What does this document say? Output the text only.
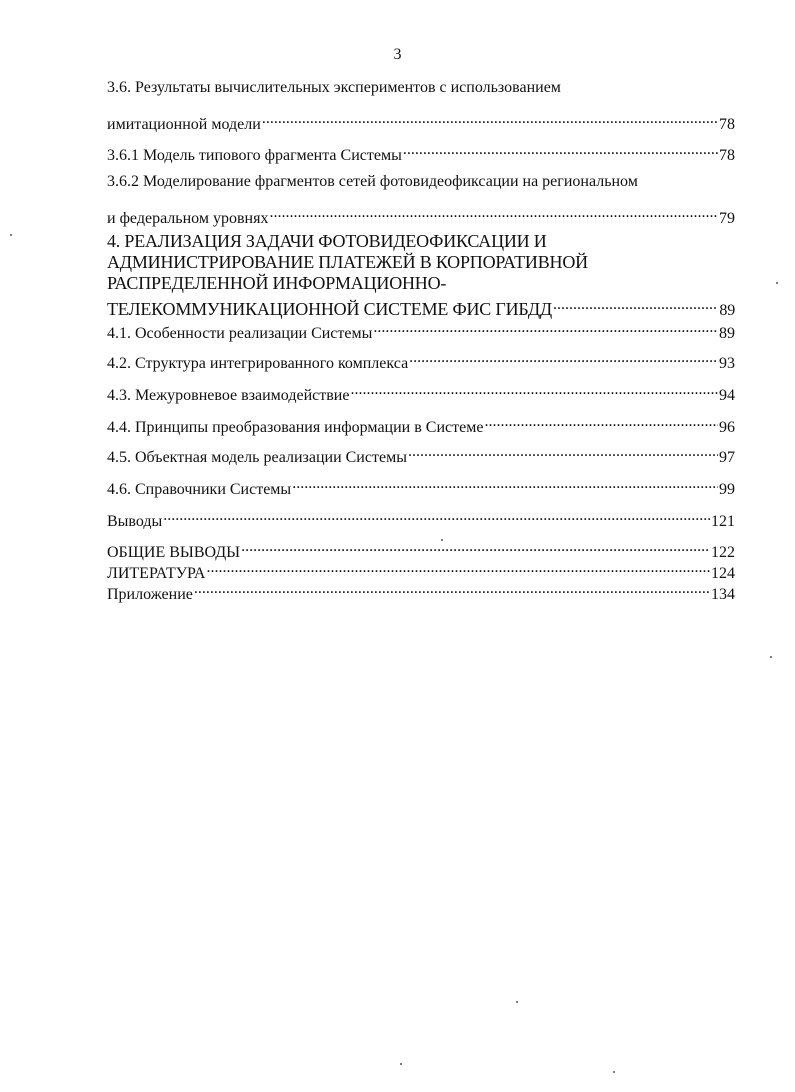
3
3.6. Результаты вычислительных экспериментов с использованием
имитационной модели .....	78
3.6.1 Модель типового фрагмента Системы .....	78
3.6.2 Моделирование фрагментов сетей фотовидеофиксации на региональном
и федеральном уровнях .....	79
4. РЕАЛИЗАЦИЯ ЗАДАЧИ ФОТОВИДЕОФИКСАЦИИ И
АДМИНИСТРИРОВАНИЕ ПЛАТЕЖЕЙ В КОРПОРАТИВНОЙ
РАСПРЕДЕЛЕННОЙ ИНФОРМАЦИОННО-
ТЕЛЕКОММУНИКАЦИОННОЙ СИСТЕМЕ ФИС ГИБДД .....	89
4.1. Особенности реализации Системы .....	89
4.2. Структура интегрированного комплекса .....	93
4.3. Межуровневое взаимодействие .....	94
4.4. Принципы преобразования информации в Системе .....	96
4.5. Объектная модель реализации Системы .....	97
4.6. Справочники Системы .....	99
Выводы .....	121
ОБЩИЕ ВЫВОДЫ .....	122
ЛИТЕРАТУРА .....	124
Приложение .....	134
